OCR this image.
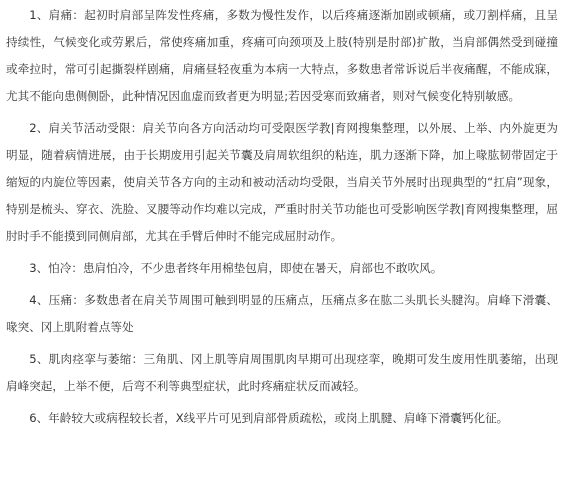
1、肩痛：起初时肩部呈阵发性疼痛，多数为慢性发作，以后疼痛逐渐加剧或顿痛，或刀割样痛，且呈持续性，气候变化或劳累后，常使疼痛加重，疼痛可向颈项及上肢(特别是肘部)扩散，当肩部偶然受到碰撞或牵拉时，常可引起撕裂样剧痛，肩痛昼轻夜重为本病一大特点，多数患者常诉说后半夜痛醒，不能成寐，尤其不能向患侧侧卧，此种情况因血虚而致者更为明显;若因受寒而致痛者，则对气候变化特别敏感。

2、肩关节活动受限：肩关节向各方向活动均可受限医学教|育网搜集整理，以外展、上举、内外旋更为明显，随着病情进展，由于长期废用引起关节囊及肩周软组织的粘连，肌力逐渐下降，加上喙肱韧带固定于缩短的内旋位等因素，使肩关节各方向的主动和被动活动均受限，当肩关节外展时出现典型的“扛肩”现象，特别是梳头、穿衣、洗脸、叉腰等动作均难以完成，严重时肘关节功能也可受影响医学教|育网搜集整理，屈肘时手不能摸到同侧肩部，尤其在手臂后伸时不能完成屈肘动作。

3、怕冷：患肩怕冷，不少患者终年用棉垫包肩，即使在暑天，肩部也不敢吹风。

4、压痛：多数患者在肩关节周围可触到明显的压痛点，压痛点多在肱二头肌长头腱沟。肩峰下滑囊、喙突、冈上肌附着点等处

5、肌肉痉挛与萎缩：三角肌、冈上肌等肩周围肌肉早期可出现痉挛，晚期可发生废用性肌萎缩，出现肩峰突起，上举不便，后弯不利等典型症状，此时疼痛症状反而减轻。

6、年龄较大或病程较长者，X线平片可见到肩部骨质疏松，或岗上肌腱、肩峰下滑囊钙化征。
